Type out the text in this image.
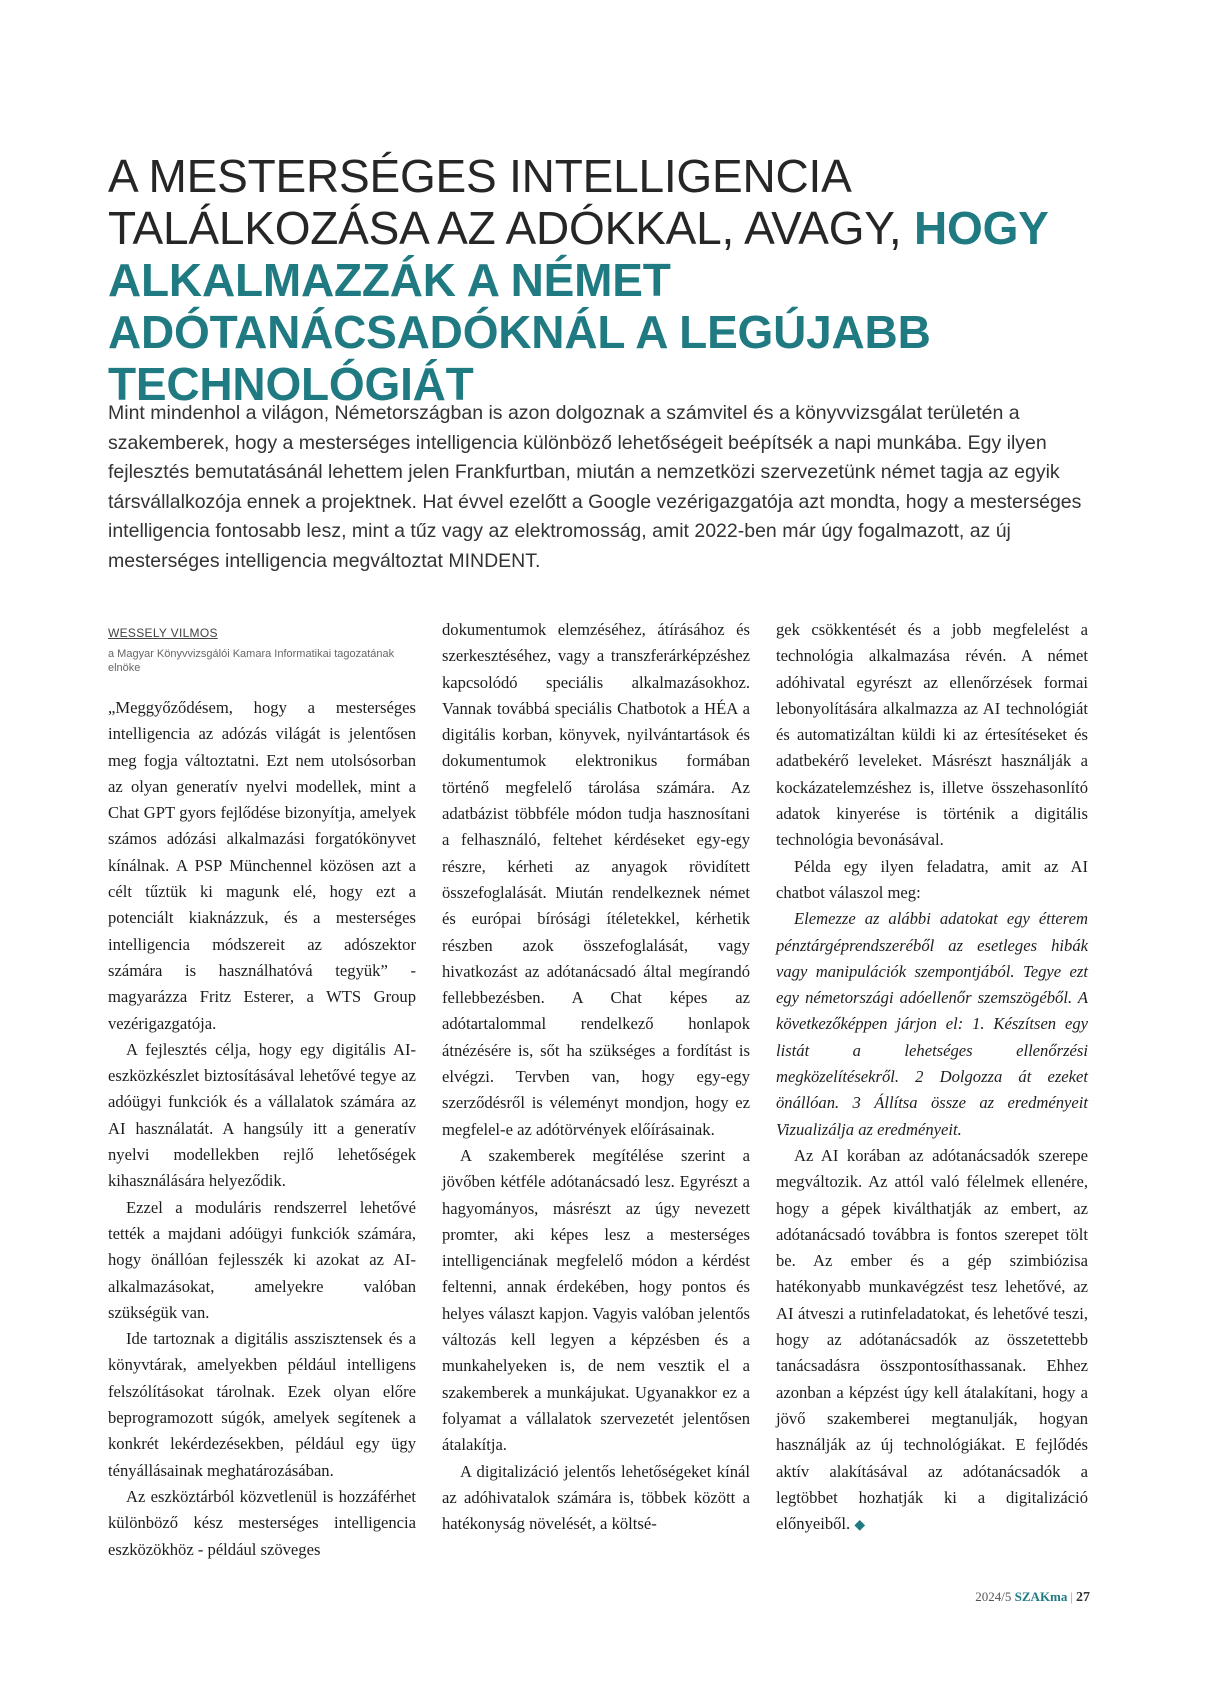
A MESTERSÉGES INTELLIGENCIA TALÁLKOZÁSA AZ ADÓKKAL, AVAGY, HOGY ALKALMAZZÁK A NÉMET ADÓTANÁCSADÓKNÁL A LEGÚJABB TECHNOLÓGIÁT

Mint mindenhol a világon, Németországban is azon dolgoznak a számvitel és a könyvvizsgálat területén a szakemberek, hogy a mesterséges intelligencia különböző lehetőségeit beépítsék a napi munkába. Egy ilyen fejlesztés bemutatásánál lehettem jelen Frankfurtban, miután a nemzetközi szervezetünk német tagja az egyik társvállalkozója ennek a projektnek. Hat évvel ezelőtt a Google vezérigazgatója azt mondta, hogy a mesterséges intelligencia fontosabb lesz, mint a tűz vagy az elektromosság, amit 2022-ben már úgy fogalmazott, az új mesterséges intelligencia megváltoztat MINDENT.

WESSELY VILMOS

a Magyar Könyvvizsgálói Kamara Informatikai tagozatának elnöke

„Meggyőződésem, hogy a mesterséges intelligencia az adózás világát is jelentősen meg fogja változtatni. Ezt nem utolsósorban az olyan generatív nyelvi modellek, mint a Chat GPT gyors fejlődése bizonyítja, amelyek számos adózási alkalmazási forgatókönyvet kínálnak. A PSP Münchennel közösen azt a célt tűztük ki magunk elé, hogy ezt a potenciált kiaknázzuk, és a mesterséges intelligencia módszereit az adószektor számára is használhatóvá tegyük” - magyarázza Fritz Esterer, a WTS Group vezérigazgatója.

A fejlesztés célja, hogy egy digitális AI-eszközkészlet biztosításával lehetővé tegye az adóügyi funkciók és a vállalatok számára az AI használatát. A hangsúly itt a generatív nyelvi modellekben rejlő lehetőségek kihasználására helyeződik.

Ezzel a moduláris rendszerrel lehetővé tették a majdani adóügyi funkciók számára, hogy önállóan fejlesszék ki azokat az AI-alkalmazásokat, amelyekre valóban szükségük van.

Ide tartoznak a digitális asszisztensek és a könyvtárak, amelyekben például intelligens felszólításokat tárolnak. Ezek olyan előre beprogramozott súgók, amelyek segítenek a konkrét lekérdezésekben, például egy ügy tényállásainak meghatározásában.

Az eszköztárból közvetlenül is hozzáférhet különböző kész mesterséges intelligencia eszközökhöz - például szöveges

dokumentumok elemzéséhez, átírásához és szerkesztéséhez, vagy a transzferárképzéshez kapcsolódó speciális alkalmazásokhoz. Vannak továbbá speciális Chatbotok a HÉA a digitális korban, könyvek, nyilvántartások és dokumentumok elektronikus formában történő megfelelő tárolása számára. Az adatbázist többféle módon tudja hasznosítani a felhasználó, feltehet kérdéseket egy-egy részre, kérheti az anyagok rövidített összefoglalását. Miután rendelkeznek német és európai bírósági ítéletekkel, kérhetik részben azok összefoglalását, vagy hivatkozást az adótanácsadó által megírandó fellebbezésben. A Chat képes az adótartalommal rendelkező honlapok átnézésére is, sőt ha szükséges a fordítást is elvégzi. Tervben van, hogy egy-egy szerződésről is véleményt mondjon, hogy ez megfelel-e az adótörvények előírásainak.

A szakemberek megítélése szerint a jövőben kétféle adótanácsadó lesz. Egyrészt a hagyományos, másrészt az úgy nevezett promter, aki képes lesz a mesterséges intelligenciának megfelelő módon a kérdést feltenni, annak érdekében, hogy pontos és helyes választ kapjon. Vagyis valóban jelentős változás kell legyen a képzésben és a munkahelyeken is, de nem vesztik el a szakemberek a munkájukat. Ugyanakkor ez a folyamat a vállalatok szervezetét jelentősen átalakítja.

A digitalizáció jelentős lehetőségeket kínál az adóhivatalok számára is, többek között a hatékonyság növelését, a költsé-

gek csökkentését és a jobb megfelelést a technológia alkalmazása révén. A német adóhivatal egyrészt az ellenőrzések formai lebonyolítására alkalmazza az AI technológiát és automatizáltan küldi ki az értesítéseket és adatbekérő leveleket. Másrészt használják a kockázatelemzéshez is, illetve összehasonlító adatok kinyerése is történik a digitális technológia bevonásával.

Példa egy ilyen feladatra, amit az AI chatbot válaszol meg:

Elemezze az alábbi adatokat egy étterem pénztárgéprendszeréből az esetleges hibák vagy manipulációk szempontjából. Tegye ezt egy németországi adóellenőr szemszögéből. A következőképpen járjon el: 1. Készítsen egy listát a lehetséges ellenőrzési megközelítésekről. 2 Dolgozza át ezeket önállóan. 3 Állítsa össze az eredményeit Vizualizálja az eredményeit.

Az AI korában az adótanácsadók szerepe megváltozik. Az attól való félelmek ellenére, hogy a gépek kiválthatják az embert, az adótanácsadó továbbra is fontos szerepet tölt be. Az ember és a gép szimbiózisa hatékonyabb munkavégzést tesz lehetővé, az AI átveszi a rutinfeladatokat, és lehetővé teszi, hogy az adótanácsadók az összetettebb tanácsadásra összpontosíthassanak. Ehhez azonban a képzést úgy kell átalakítani, hogy a jövő szakemberei megtanulják, hogyan használják az új technológiákat. E fejlődés aktív alakításával az adótanácsadók a legtöbbet hozhatják ki a digitalizáció előnyeiből. ◆

2024/5 SZAKma | 27
